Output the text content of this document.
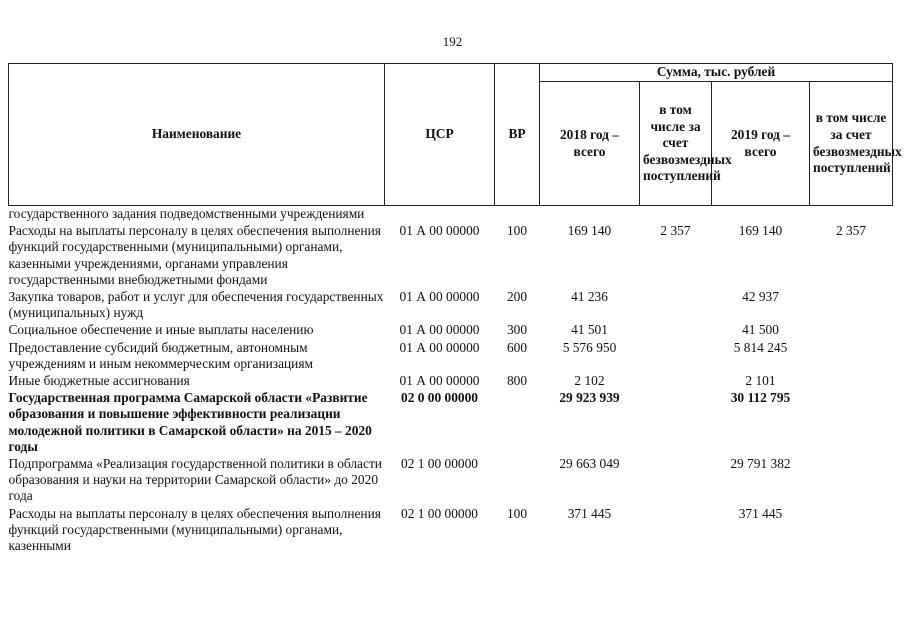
192
Наименование	ЦСР	ВР	Сумма, тыс. рублей			
			2018 год – всего	в том числе за счет безвозмездных поступлений	2019 год – всего	в том числе за счет безвозмездных поступлений
государственного задания подведомственными учреждениями						
Расходы на выплаты персоналу в целях обеспечения выполнения функций государственными (муниципальными) органами, казенными учреждениями, органами управления государственными внебюджетными фондами	01 А 00 00000	100	169 140	2 357	169 140	2 357
Закупка товаров, работ и услуг для обеспечения государственных (муниципальных) нужд	01 А 00 00000	200	41 236		42 937	
Социальное обеспечение и иные выплаты населению	01 А 00 00000	300	41 501		41 500	
Предоставление субсидий бюджетным, автономным учреждениям и иным некоммерческим организациям	01 А 00 00000	600	5 576 950		5 814 245	
Иные бюджетные ассигнования	01 А 00 00000	800	2 102		2 101	
Государственная программа Самарской области «Развитие образования и повышение эффективности реализации молодежной политики в Самарской области» на 2015 – 2020 годы	02 0 00 00000		29 923 939		30 112 795	
Подпрограмма «Реализация государственной политики в области образования и науки на территории Самарской области» до 2020 года	02 1 00 00000		29 663 049		29 791 382	
Расходы на выплаты персоналу в целях обеспечения выполнения функций государственными (муниципальными) органами, казенными	02 1 00 00000	100	371 445		371 445	
